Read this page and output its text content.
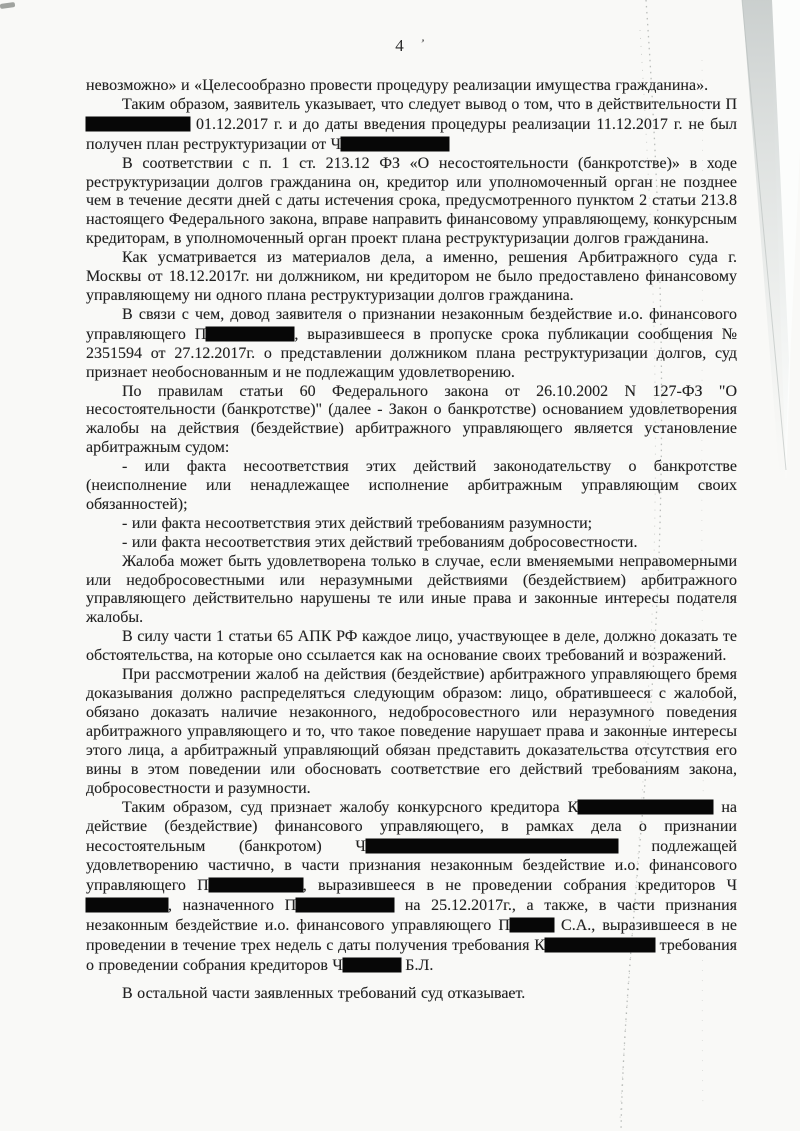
4 ’

невозможно» и «Целесообразно провести процедуру реализации имущества гражданина».

Таким образом, заявитель указывает, что следует вывод о том, что в действительности П 01.12.2017 г. и до даты введения процедуры реализации 11.12.2017 г. не был получен план реструктуризации от Ч

В соответствии с п. 1 ст. 213.12 ФЗ «О несостоятельности (банкротстве)» в ходе реструктуризации долгов гражданина он, кредитор или уполномоченный орган не позднее чем в течение десяти дней с даты истечения срока, предусмотренного пунктом 2 статьи 213.8 настоящего Федерального закона, вправе направить финансовому управляющему, конкурсным кредиторам, в уполномоченный орган проект плана реструктуризации долгов гражданина.

Как усматривается из материалов дела, а именно, решения Арбитражного суда г. Москвы от 18.12.2017г. ни должником, ни кредитором не было предоставлено финансовому управляющему ни одного плана реструктуризации долгов гражданина.

В связи с чем, довод заявителя о признании незаконным бездействие и.о. финансового управляющего П	, выразившееся в пропуске срока публикации сообщения № 2351594 от 27.12.2017г. о представлении должником плана реструктуризации долгов, суд признает необоснованным и не подлежащим удовлетворению.

По правилам статьи 60 Федерального закона от 26.10.2002 N 127-ФЗ "О несостоятельности (банкротстве)" (далее - Закон о банкротстве) основанием удовлетворения жалобы на действия (бездействие) арбитражного управляющего является установление арбитражным судом:

- или факта несоответствия этих действий законодательству о банкротстве (неисполнение или ненадлежащее исполнение арбитражным управляющим своих обязанностей);

- или факта несоответствия этих действий требованиям разумности;

- или факта несоответствия этих действий требованиям добросовестности.

Жалоба может быть удовлетворена только в случае, если вменяемыми неправомерными или недобросовестными или неразумными действиями (бездействием) арбитражного управляющего действительно нарушены те или иные права и законные интересы подателя жалобы.

В силу части 1 статьи 65 АПК РФ каждое лицо, участвующее в деле, должно доказать те обстоятельства, на которые оно ссылается как на основание своих требований и возражений.

При рассмотрении жалоб на действия (бездействие) арбитражного управляющего бремя доказывания должно распределяться следующим образом: лицо, обратившееся с жалобой, обязано доказать наличие незаконного, недобросовестного или неразумного поведения арбитражного управляющего и то, что такое поведение нарушает права и законные интересы этого лица, а арбитражный управляющий обязан представить доказательства отсутствия его вины в этом поведении или обосновать соответствие его действий требованиям закона, добросовестности и разумности.

Таким образом, суд признает жалобу конкурсного кредитора К	на действие (бездействие) финансового управляющего, в рамках дела о признании несостоятельным (банкротом) Ч	подлежащей удовлетворению частично, в части признания незаконным бездействие и.о. финансового управляющего П	, выразившееся в не проведении собрания кредиторов Ч, назначенного П	на 25.12.2017г., а также, в части признания незаконным бездействие и.о. финансового управляющего П	С.А., выразившееся в не проведении в течение трех недель с даты получения требования К	требования о проведении собрания кредиторов Ч	Б.Л.

В остальной части заявленных требований суд отказывает.
